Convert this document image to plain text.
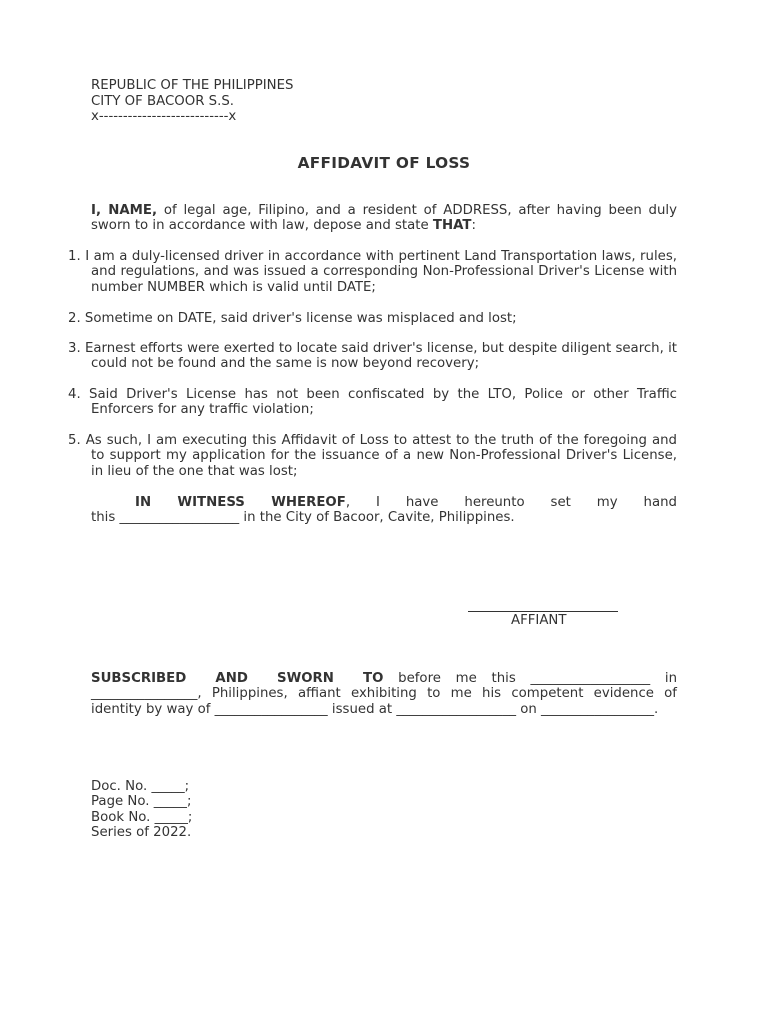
REPUBLIC OF THE PHILIPPINES
CITY OF BACOOR S.S.
x---------------------------x
AFFIDAVIT OF LOSS
I, NAME, of legal age, Filipino, and a resident of ADDRESS, after having been duly sworn to in accordance with law, depose and state THAT:
1. I am a duly-licensed driver in accordance with pertinent Land Transportation laws, rules, and regulations, and was issued a corresponding Non-Professional Driver's License with number NUMBER which is valid until DATE;
2. Sometime on DATE, said driver's license was misplaced and lost;
3. Earnest efforts were exerted to locate said driver's license, but despite diligent search, it could not be found and the same is now beyond recovery;
4. Said Driver's License has not been confiscated by the LTO, Police or other Traffic Enforcers for any traffic violation;
5. As such, I am executing this Affidavit of Loss to attest to the truth of the foregoing and to support my application for the issuance of a new Non-Professional Driver's License, in lieu of the one that was lost;
IN WITNESS WHEREOF, I have hereunto set my hand
this __________________ in the City of Bacoor, Cavite, Philippines.
AFFIANT
SUBSCRIBED AND SWORN TO before me this __________________ in ________________, Philippines, affiant exhibiting to me his competent evidence of identity by way of _________________ issued at __________________ on _________________.
Doc. No. _____;
Page No. _____;
Book No. _____;
Series of 2022.
